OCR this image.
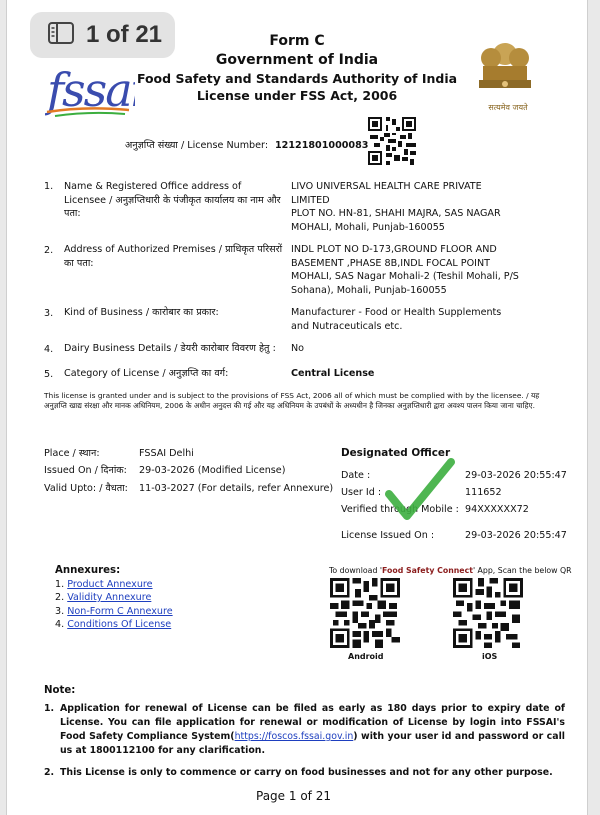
Form C
Government of India
Food Safety and Standards Authority of India
License under FSS Act, 2006
fssai	सत्यमेव जयते
अनुज्ञप्ति संख्या / License Number: 12121801000083
1. Name & Registered Office address of Licensee / अनुज्ञप्तिधारी के पंजीकृत कार्यालय का नाम और पता:
LIVO UNIVERSAL HEALTH CARE PRIVATE LIMITED
PLOT NO. HN-81, SHAHI MAJRA, SAS NAGAR MOHALI, Mohali, Punjab-160055
2. Address of Authorized Premises / प्राधिकृत परिसरों का पता:
INDL PLOT NO D-173,GROUND FLOOR AND BASEMENT ,PHASE 8B,INDL FOCAL POINT MOHALI, SAS Nagar Mohali-2 (Teshil Mohali, P/S Sohana), Mohali, Punjab-160055
3. Kind of Business / कारोबार का प्रकार:	Manufacturer - Food or Health Supplements and Nutraceuticals etc.
4. Dairy Business Details / डेयरी कारोबार विवरण हेतु :	No
5. Category of License / अनुज्ञप्ति का वर्ग:	Central License
This license is granted under and is subject to the provisions of FSS Act, 2006 all of which must be complied with by the licensee. / यह अनुज्ञप्ति खाद्य संरक्षा और मानक अधिनियम, 2006 के अधीन अनुदत्त की गई और यह अधिनियम के उपबंधों के अध्यधीन है जिनका अनुज्ञप्तिधारी द्वारा अवश्य पालन किया जाना चाहिए.
Place / स्थान:	FSSAI Delhi
Issued On / दिनांक: 29-03-2026 (Modified License)
Valid Upto: / वैधता: 11-03-2027 (For details, refer Annexure)
Designated Officer
Date :	29-03-2026 20:55:47
User Id :	111652
Verified through Mobile : 94XXXXXX72
License Issued On :	29-03-2026 20:55:47
Annexures:
1. Product Annexure
2. Validity Annexure
3. Non-Form C Annexure
4. Conditions Of License
To download 'Food Safety Connect' App, Scan the below QR
Android	iOS
Note:
1. Application for renewal of License can be filed as early as 180 days prior to expiry date of License. You can file application for renewal or modification of License by login into FSSAI's Food Safety Compliance System(https://foscos.fssai.gov.in) with your user id and password or call us at 1800112100 for any clarification.
2. This License is only to commence or carry on food businesses and not for any other purpose.
Page 1 of 21
1 of 21
